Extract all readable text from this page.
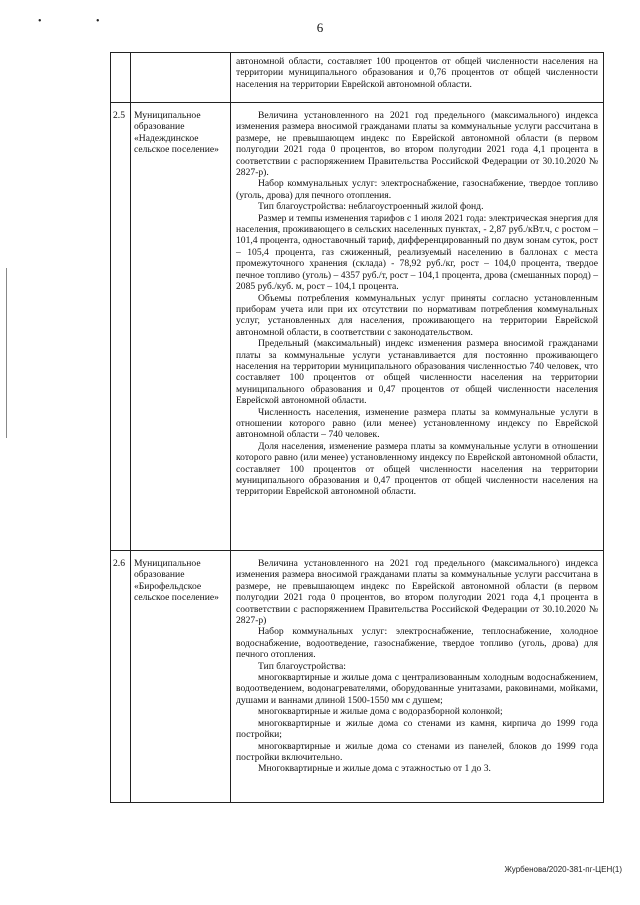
• •	6

автономной области, составляет 100 процентов от общей численности населения на территории муниципального образования и 0,76 процентов от общей численности населения на территории Еврейской автономной области.

2.5 Муниципальное образование «Надеждинское сельское поселение»

Величина установленного на 2021 год предельного (максимального) индекса изменения размера вносимой гражданами платы за коммунальные услуги рассчитана в размере, не превышающем индекс по Еврейской автономной области (в первом полугодии 2021 года 0 процентов, во втором полугодии 2021 года 4,1 процента в соответствии с распоряжением Правительства Российской Федерации от 30.10.2020 № 2827-р).

Набор коммунальных услуг: электроснабжение, газоснабжение, твердое топливо (уголь, дрова) для печного отопления.

Тип благоустройства: неблагоустроенный жилой фонд.

Размер и темпы изменения тарифов с 1 июля 2021 года: электрическая энергия для населения, проживающего в сельских населенных пунктах, - 2,87 руб./кВт.ч, с ростом – 101,4 процента, одноставочный тариф, дифференцированный по двум зонам суток, рост – 105,4 процента, газ сжиженный, реализуемый населению в баллонах с места промежуточного хранения (склада) - 78,92 руб./кг, рост – 104,0 процента, твердое печное топливо (уголь) – 4357 руб./т, рост – 104,1 процента, дрова (смешанных пород) – 2085 руб./куб. м, рост – 104,1 процента.

Объемы потребления коммунальных услуг приняты согласно установленным приборам учета или при их отсутствии по нормативам потребления коммунальных услуг, установленных для населения, проживающего на территории Еврейской автономной области, в соответствии с законодательством.

Предельный (максимальный) индекс изменения размера вносимой гражданами платы за коммунальные услуги устанавливается для постоянно проживающего населения на территории муниципального образования численностью 740 человек, что составляет 100 процентов от общей численности населения на территории муниципального образования и 0,47 процентов от общей численности населения Еврейской автономной области.

Численность населения, изменение размера платы за коммунальные услуги в отношении которого равно (или менее) установленному индексу по Еврейской автономной области – 740 человек.

Доля населения, изменение размера платы за коммунальные услуги в отношении которого равно (или менее) установленному индексу по Еврейской автономной области, составляет 100 процентов от общей численности населения на территории муниципального образования и 0,47 процентов от общей численности населения на территории Еврейской автономной области.

2.6 Муниципальное образование «Бирофельдское сельское поселение»

Величина установленного на 2021 год предельного (максимального) индекса изменения размера вносимой гражданами платы за коммунальные услуги рассчитана в размере, не превышающем индекс по Еврейской автономной области (в первом полугодии 2021 года 0 процентов, во втором полугодии 2021 года 4,1 процента в соответствии с распоряжением Правительства Российской Федерации от 30.10.2020 № 2827-р)

Набор коммунальных услуг: электроснабжение, теплоснабжение, холодное водоснабжение, водоотведение, газоснабжение, твердое топливо (уголь, дрова) для печного отопления.

Тип благоустройства:

многоквартирные и жилые дома с централизованным холодным водоснабжением, водоотведением, водонагревателями, оборудованные унитазами, раковинами, мойками, душами и ваннами длиной 1500-1550 мм с душем;

многоквартирные и жилые дома с водоразборной колонкой;

многоквартирные и жилые дома со стенами из камня, кирпича до 1999 года постройки;

многоквартирные и жилые дома со стенами из панелей, блоков до 1999 года постройки включительно.

Многоквартирные и жилые дома с этажностью от 1 до 3.

Журбенова/2020-381-пг-ЦЕН(1)
